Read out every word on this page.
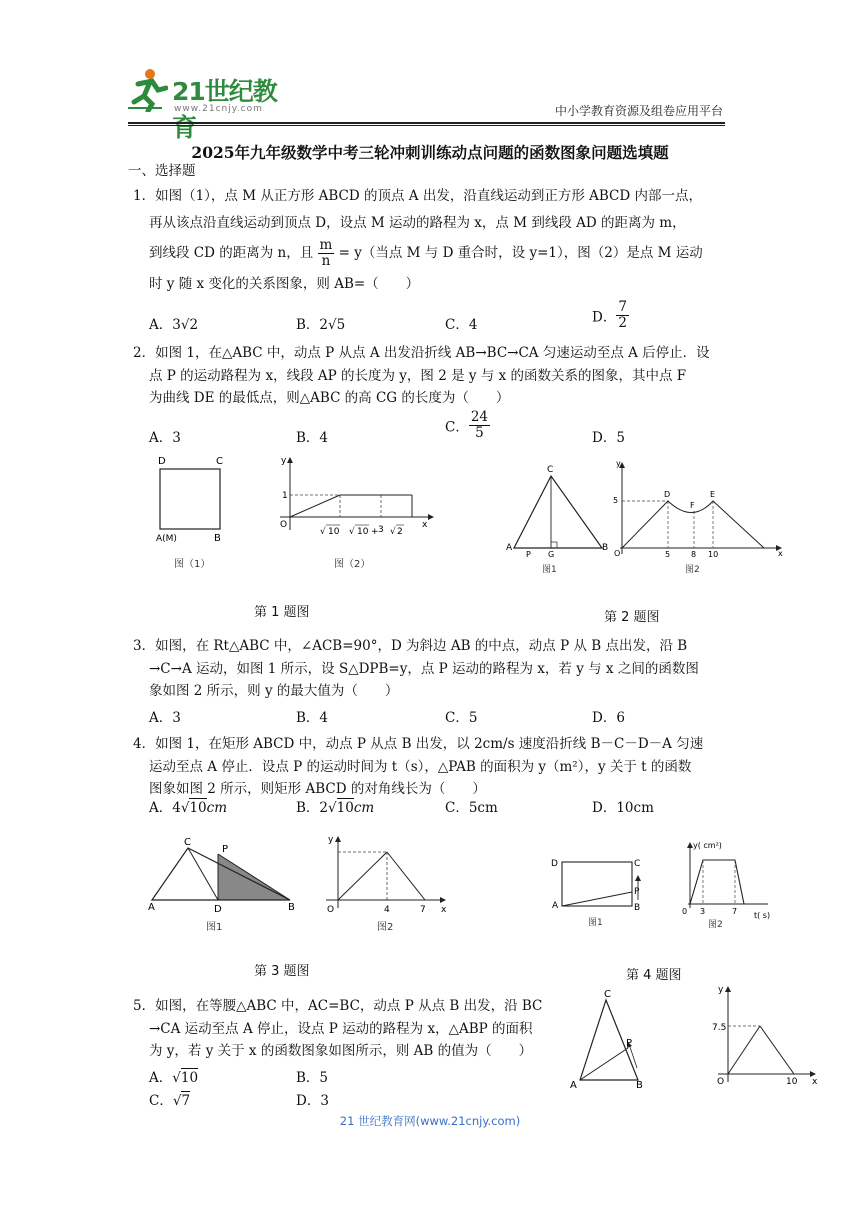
21世纪教育
www.21cnjy.com	中小学教育资源及组卷应用平台
2025年九年级数学中考三轮冲刺训练动点问题的函数图象问题选填题
一、选择题
1．如图（1），点 M 从正方形 ABCD 的顶点 A 出发，沿直线运动到正方形 ABCD 内部一点，
再从该点沿直线运动到顶点 D，设点 M 运动的路程为 x，点 M 到线段 AD 的距离为 m，
到线段 CD 的距离为 n，且 $\frac{m}{n} = y$（当点 M 与 D 重合时，设 y=1），图（2）是点 M 运动
时 y 随 x 变化的关系图象，则 AB=（　　）
A．3√2	B．2√5	C．4	D． $\frac{7}{2}$
2．如图 1，在△ABC 中，动点 P 从点 A 出发沿折线 AB→BC→CA 匀速运动至点 A 后停止．设
点 P 的运动路程为 x，线段 AP 的长度为 y，图 2 是 y 与 x 的函数关系的图象，其中点 F
为曲线 DE 的最低点，则△ABC 的高 CG 的长度为（　　）
A．3	B．4
C． $\frac{24}{5}$	D．5
D	C
A(M)	B
y
x
O
1
√ 10 √ 10 + 3 √ 2
图（1）	图（2）
第 1 题图
C
A
P G
B
y
x
O
5
D
F
E
5	8 10
图1	图2
第 2 题图
3．如图，在 Rt△ABC 中，∠ACB=90°，D 为斜边 AB 的中点，动点 P 从 B 点出发，沿 B
→C→A 运动，如图 1 所示，设 S△DPB=y，点 P 运动的路程为 x，若 y 与 x 之间的函数图
象如图 2 所示，则 y 的最大值为（　　）
A．3	B．4	C．5	D．6
4．如图 1，在矩形 ABCD 中，动点 P 从点 B 出发，以 2cm/s 速度沿折线 B－C－D－A 匀速
运动至点 A 停止．设点 P 的运动时间为 t（s），△PAB 的面积为 y（m²），y 关于 t 的函数
图象如图 2 所示，则矩形 ABCD 的对角线长为（　　）
A．4√10cm	B．2√10cm	C．5cm	D．10cm
C
P
A	D	B
y
x
O	4	7
图1	图2
第 3 题图
D	C
P
A	B
y( cm²)
0 3	7 t( s)
图1	图2
第 4 题图
5．如图，在等腰△ABC 中，AC=BC，动点 P 从点 B 出发，沿 BC
→CA 运动至点 A 停止，设点 P 运动的路程为 x，△ABP 的面积
为 y，若 y 关于 x 的函数图象如图所示，则 AB 的值为（　　）
A．√10	B．5
C．√7	D．3
C
P
A	B
y
x
O
7.5
10
21 世纪教育网(www.21cnjy.com)
